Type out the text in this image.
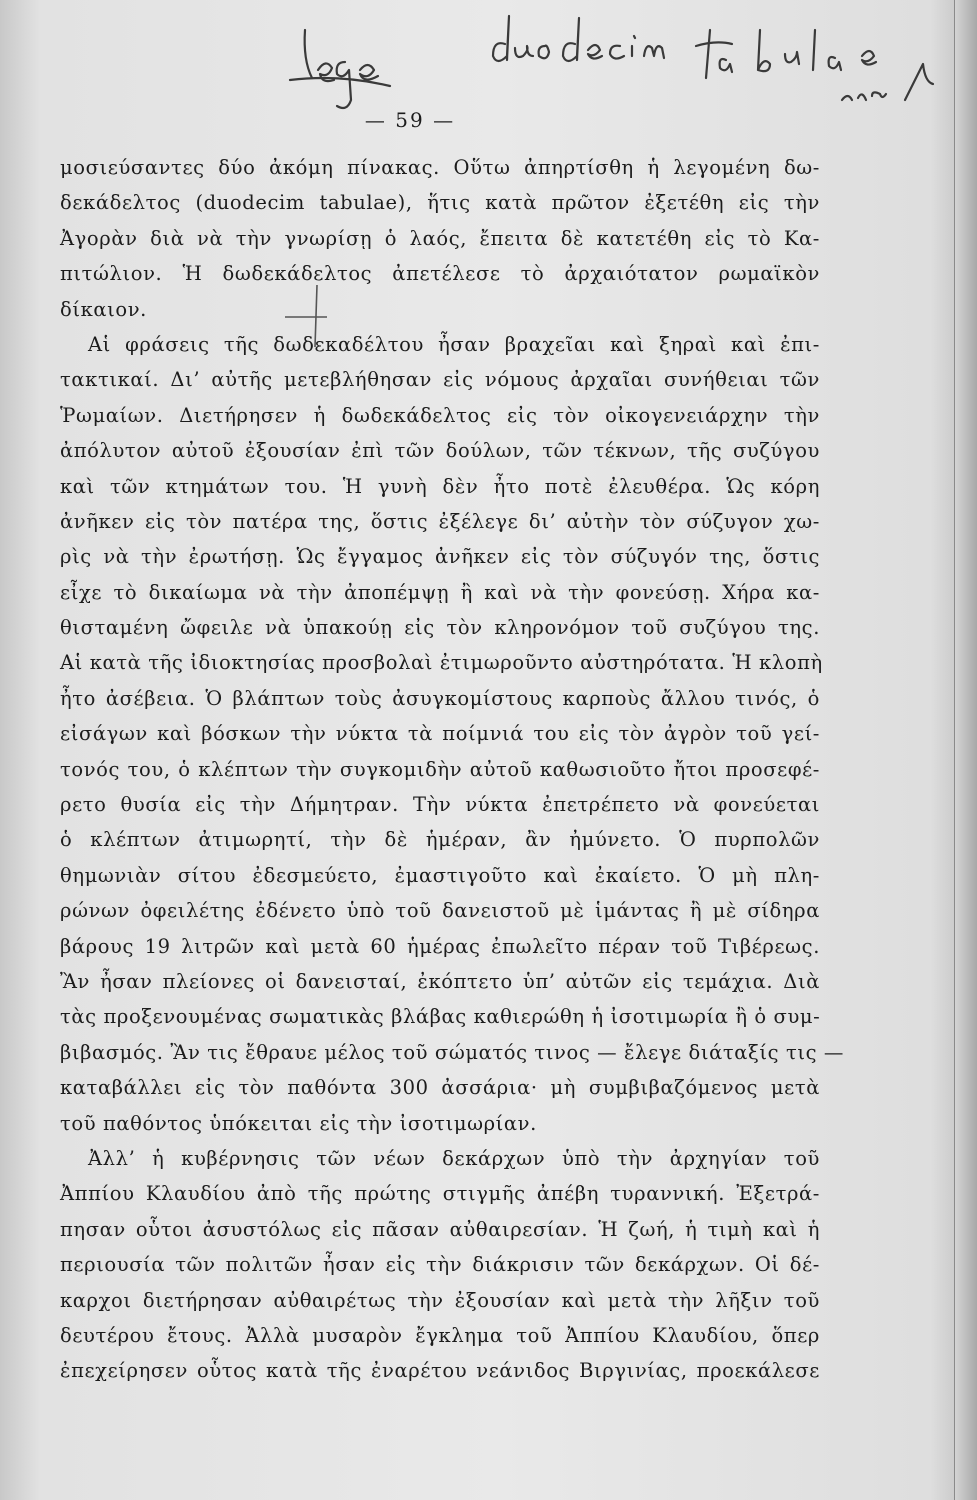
— 59 —
μοσιεύσαντες δύο ἀκόμη πίνακας. Οὕτω ἀπηρτίσθη ἡ λεγομένη δω-
δεκάδελτος (duodecim tabulae), ἥτις κατὰ πρῶτον ἐξετέθη εἰς τὴν
Ἀγορὰν διὰ νὰ τὴν γνωρίσῃ ὁ λαός, ἔπειτα δὲ κατετέθη εἰς τὸ Κα-
πιτώλιον. Ἡ δωδεκάδελτος ἀπετέλεσε τὸ ἀρχαιότατον ρωμαϊκὸν
δίκαιον.
Αἱ φράσεις τῆς δωδεκαδέλτου ἦσαν βραχεῖαι καὶ ξηραὶ καὶ ἐπι-
τακτικαί. Δι’ αὐτῆς μετεβλήθησαν εἰς νόμους ἀρχαῖαι συνήθειαι τῶν
Ῥωμαίων. Διετήρησεν ἡ δωδεκάδελτος εἰς τὸν οἰκογενειάρχην τὴν
ἀπόλυτον αὐτοῦ ἐξουσίαν ἐπὶ τῶν δούλων, τῶν τέκνων, τῆς συζύγου
καὶ τῶν κτημάτων του. Ἡ γυνὴ δὲν ἦτο ποτὲ ἐλευθέρα. Ὡς κόρη
ἀνῆκεν εἰς τὸν πατέρα της, ὅστις ἐξέλεγε δι’ αὐτὴν τὸν σύζυγον χω-
ρὶς νὰ τὴν ἐρωτήσῃ. Ὡς ἔγγαμος ἀνῆκεν εἰς τὸν σύζυγόν της, ὅστις
εἶχε τὸ δικαίωμα νὰ τὴν ἀποπέμψῃ ἢ καὶ νὰ τὴν φονεύσῃ. Χήρα κα-
θισταμένη ὤφειλε νὰ ὑπακούῃ εἰς τὸν κληρονόμον τοῦ συζύγου της.
Αἱ κατὰ τῆς ἰδιοκτησίας προσβολαὶ ἐτιμωροῦντο αὐστηρότατα. Ἡ κλοπὴ
ἦτο ἀσέβεια. Ὁ βλάπτων τοὺς ἀσυγκομίστους καρποὺς ἄλλου τινός, ὁ
εἰσάγων καὶ βόσκων τὴν νύκτα τὰ ποίμνιά του εἰς τὸν ἀγρὸν τοῦ γεί-
τονός του, ὁ κλέπτων τὴν συγκομιδὴν αὐτοῦ καθωσιοῦτο ἤτοι προσεφέ-
ρετο θυσία εἰς τὴν Δήμητραν. Τὴν νύκτα ἐπετρέπετο νὰ φονεύεται
ὁ κλέπτων ἀτιμωρητί, τὴν δὲ ἡμέραν, ἂν ἠμύνετο. Ὁ πυρπολῶν
θημωνιὰν σίτου ἐδεσμεύετο, ἐμαστιγοῦτο καὶ ἐκαίετο. Ὁ μὴ πλη-
ρώνων ὀφειλέτης ἐδένετο ὑπὸ τοῦ δανειστοῦ μὲ ἱμάντας ἢ μὲ σίδηρα
βάρους 19 λιτρῶν καὶ μετὰ 60 ἡμέρας ἐπωλεῖτο πέραν τοῦ Τιβέρεως.
Ἂν ἦσαν πλείονες οἱ δανεισταί, ἐκόπτετο ὑπ’ αὐτῶν εἰς τεμάχια. Διὰ
τὰς προξενουμένας σωματικὰς βλάβας καθιερώθη ἡ ἰσοτιμωρία ἢ ὁ συμ-
βιβασμός. Ἂν τις ἔθραυε μέλος τοῦ σώματός τινος — ἔλεγε διάταξίς τις —
καταβάλλει εἰς τὸν παθόντα 300 ἀσσάρια· μὴ συμβιβαζόμενος μετὰ
τοῦ παθόντος ὑπόκειται εἰς τὴν ἰσοτιμωρίαν.
Ἀλλ’ ἡ κυβέρνησις τῶν νέων δεκάρχων ὑπὸ τὴν ἀρχηγίαν τοῦ
Ἀππίου Κλαυδίου ἀπὸ τῆς πρώτης στιγμῆς ἀπέβη τυραννική. Ἐξετρά-
πησαν οὗτοι ἀσυστόλως εἰς πᾶσαν αὐθαιρεσίαν. Ἡ ζωή, ἡ τιμὴ καὶ ἡ
περιουσία τῶν πολιτῶν ἦσαν εἰς τὴν διάκρισιν τῶν δεκάρχων. Οἱ δέ-
καρχοι διετήρησαν αὐθαιρέτως τὴν ἐξουσίαν καὶ μετὰ τὴν λῆξιν τοῦ
δευτέρου ἔτους. Ἀλλὰ μυσαρὸν ἔγκλημα τοῦ Ἀππίου Κλαυδίου, ὅπερ
ἐπεχείρησεν οὗτος κατὰ τῆς ἐναρέτου νεάνιδος Βιργινίας, προεκάλεσε
